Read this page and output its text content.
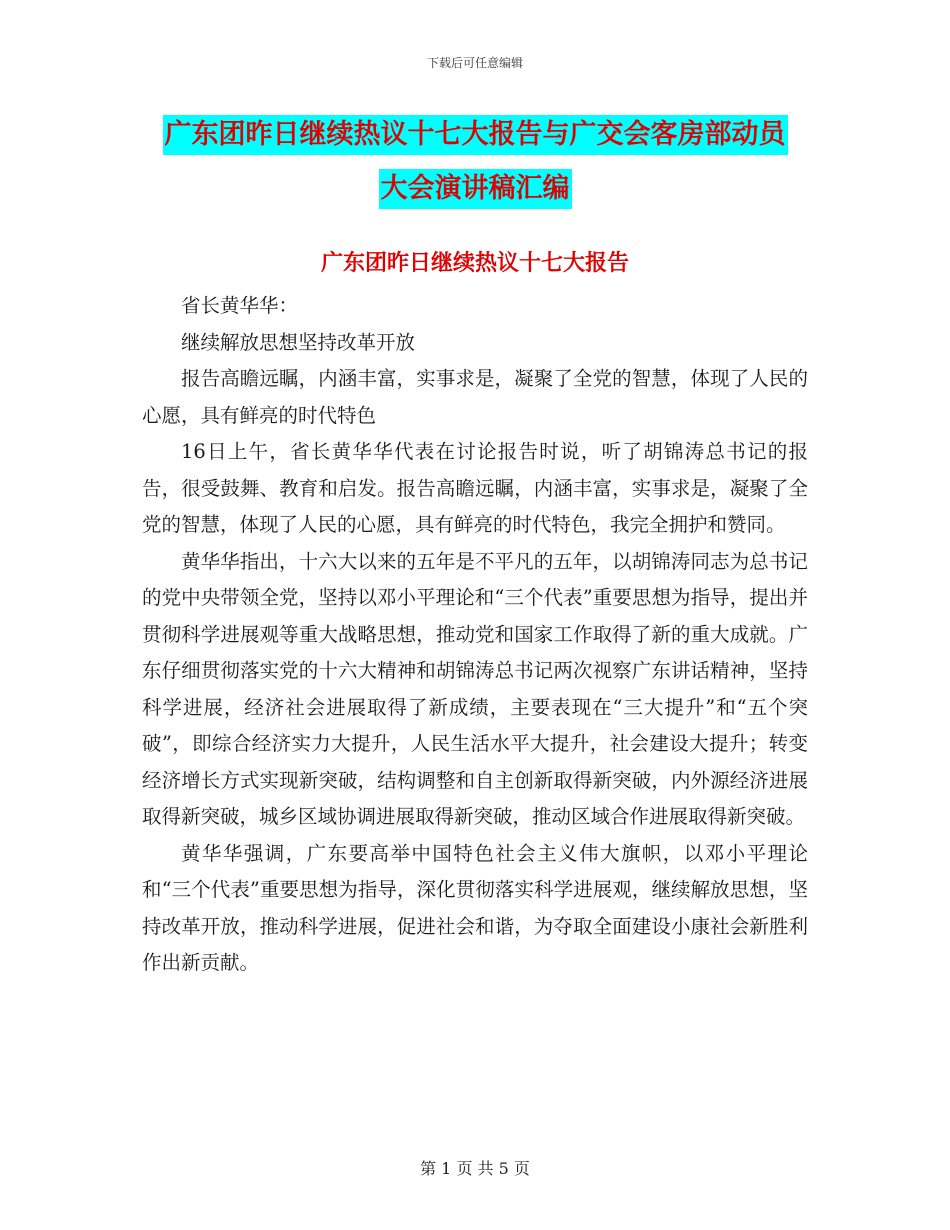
下载后可任意编辑
广东团昨日继续热议十七大报告与广交会客房部动员
大会演讲稿汇编
广东团昨日继续热议十七大报告

省长黄华华：

继续解放思想坚持改革开放

报告高瞻远瞩，内涵丰富，实事求是，凝聚了全党的智慧，体现了人民的心愿，具有鲜亮的时代特色

16日上午，省长黄华华代表在讨论报告时说，听了胡锦涛总书记的报告，很受鼓舞、教育和启发。报告高瞻远瞩，内涵丰富，实事求是，凝聚了全党的智慧，体现了人民的心愿，具有鲜亮的时代特色，我完全拥护和赞同。

黄华华指出，十六大以来的五年是不平凡的五年，以胡锦涛同志为总书记的党中央带领全党，坚持以邓小平理论和“三个代表”重要思想为指导，提出并贯彻科学进展观等重大战略思想，推动党和国家工作取得了新的重大成就。广东仔细贯彻落实党的十六大精神和胡锦涛总书记两次视察广东讲话精神，坚持科学进展，经济社会进展取得了新成绩，主要表现在“三大提升”和“五个突破”，即综合经济实力大提升，人民生活水平大提升，社会建设大提升；转变经济增长方式实现新突破，结构调整和自主创新取得新突破，内外源经济进展取得新突破，城乡区域协调进展取得新突破，推动区域合作进展取得新突破。

黄华华强调，广东要高举中国特色社会主义伟大旗帜，以邓小平理论和“三个代表”重要思想为指导，深化贯彻落实科学进展观，继续解放思想，坚持改革开放，推动科学进展，促进社会和谐，为夺取全面建设小康社会新胜利作出新贡献。

第 1 页 共 5 页
